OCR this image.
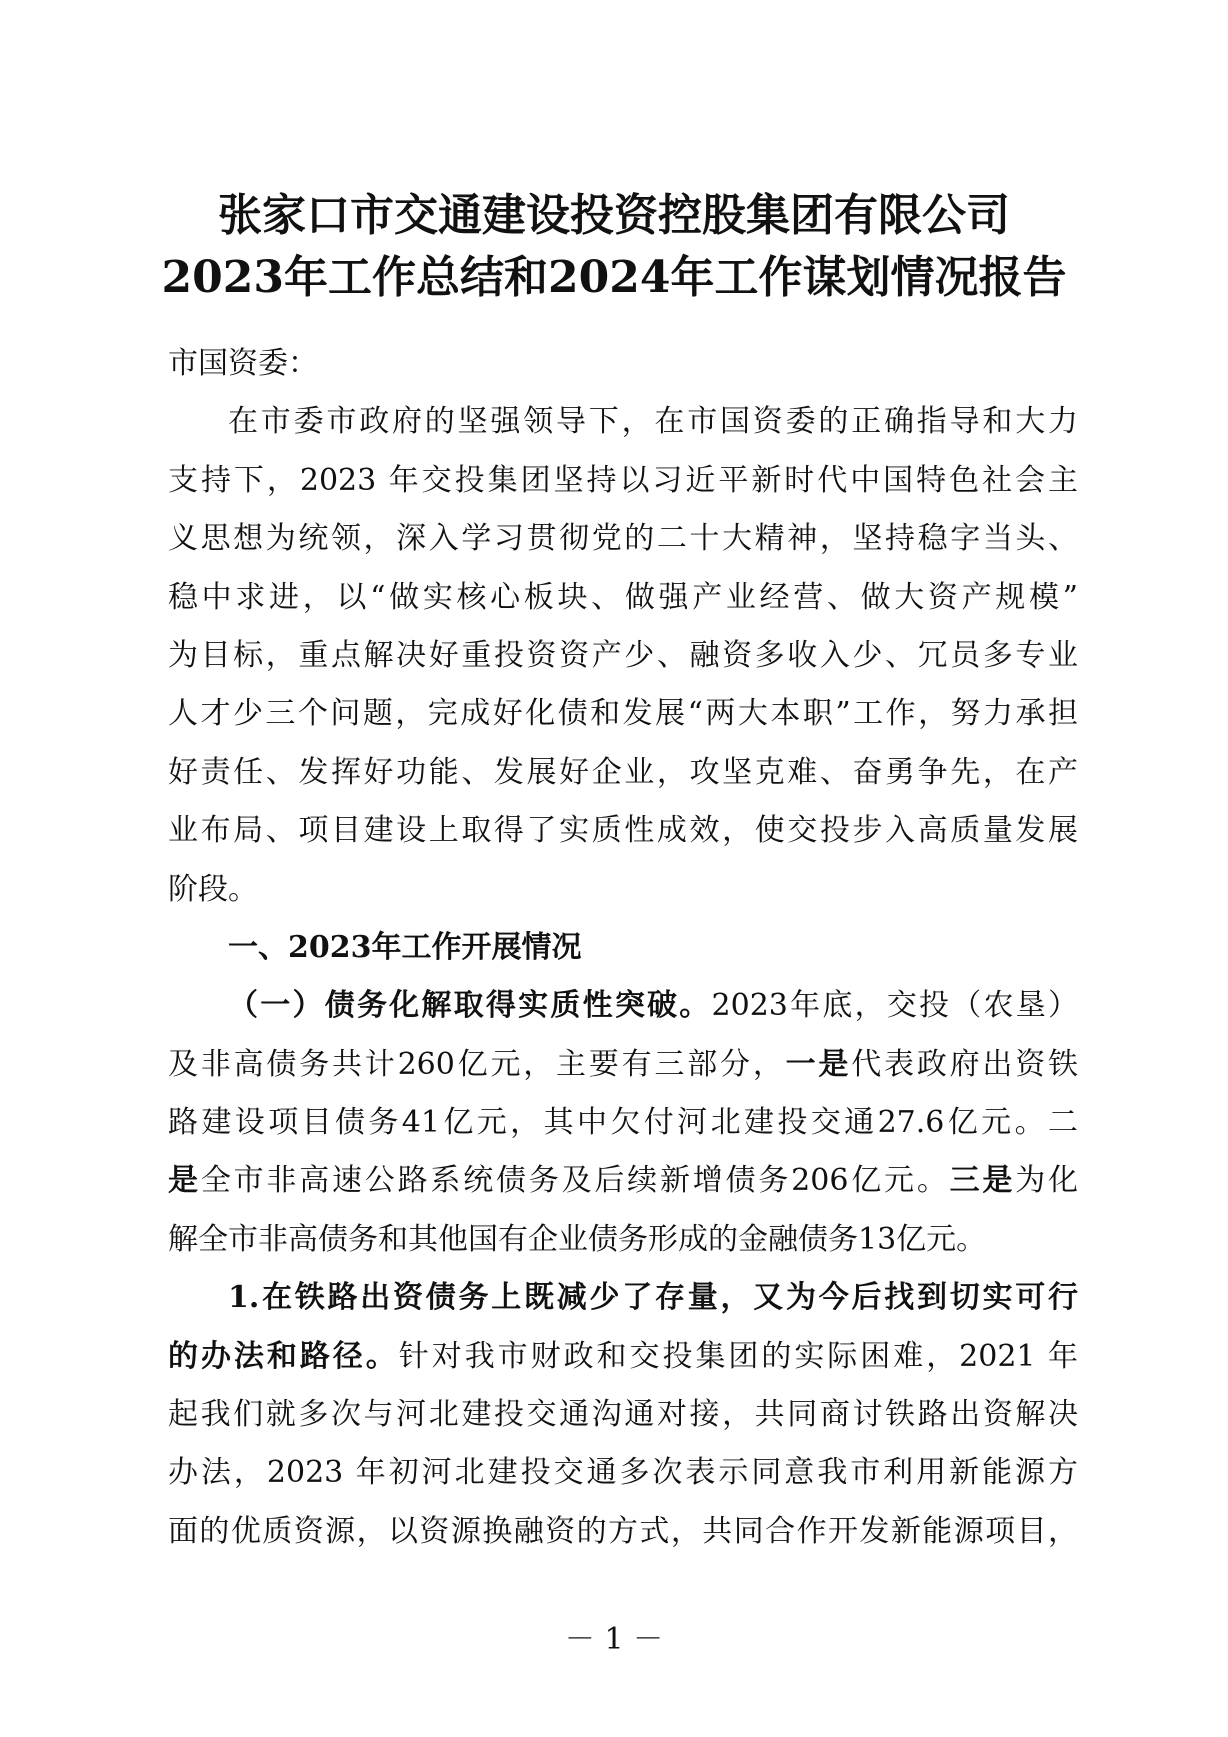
张家口市交通建设投资控股集团有限公司
2023年工作总结和2024年工作谋划情况报告
市国资委：
在市委市政府的坚强领导下，在市国资委的正确指导和大力
支持下，2023 年交投集团坚持以习近平新时代中国特色社会主
义思想为统领，深入学习贯彻党的二十大精神，坚持稳字当头、
稳中求进，以“做实核心板块、做强产业经营、做大资产规模”
为目标，重点解决好重投资资产少、融资多收入少、冗员多专业
人才少三个问题，完成好化债和发展“两大本职”工作，努力承担
好责任、发挥好功能、发展好企业，攻坚克难、奋勇争先，在产
业布局、项目建设上取得了实质性成效，使交投步入高质量发展
阶段。
一、2023年工作开展情况
（一）债务化解取得实质性突破。2023年底，交投（农垦）
及非高债务共计260亿元，主要有三部分，一是代表政府出资铁
路建设项目债务41亿元，其中欠付河北建投交通27.6亿元。二
是全市非高速公路系统债务及后续新增债务206亿元。三是为化
解全市非高债务和其他国有企业债务形成的金融债务13亿元。
1.在铁路出资债务上既减少了存量，又为今后找到切实可行
的办法和路径。针对我市财政和交投集团的实际困难，2021 年
起我们就多次与河北建投交通沟通对接，共同商讨铁路出资解决
办法，2023 年初河北建投交通多次表示同意我市利用新能源方
面的优质资源，以资源换融资的方式，共同合作开发新能源项目，
－ 1 －
